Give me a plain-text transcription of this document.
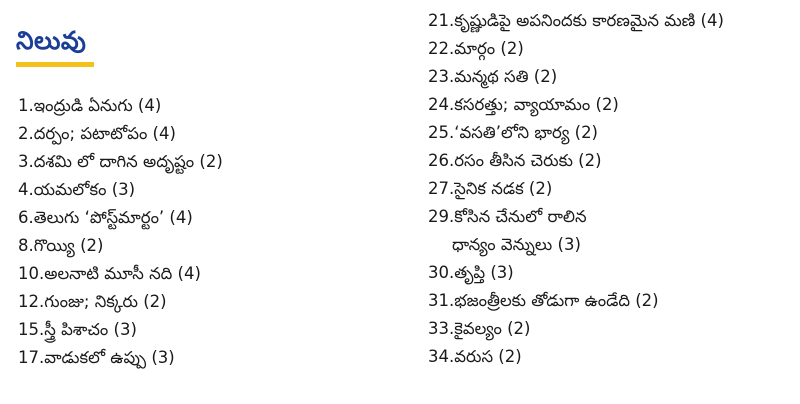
నిలువు
1.ఇంద్రుడి ఏనుగు (4)
2.దర్పం; పటాటోపం (4)
3.దశమి లో దాగిన అదృష్టం (2)
4.యమలోకం (3)
6.తెలుగు ‘పోస్ట్‌మార్టం’ (4)
8.గొయ్యి (2)
10.అలనాటి మూసీ నది (4)
12.గుంజు; నిక్కరు (2)
15.స్త్రీ పిశాచం (3)
17.వాడుకలో ఉప్పు (3)
21.కృష్ణుడిపై అపనిందకు కారణమైన మణి (4)
22.మార్గం (2)
23.మన్మథ సతి (2)
24.కసరత్తు; వ్యాయామం (2)
25.‘వసతి’లోని భార్య (2)
26.రసం తీసిన చెరుకు (2)
27.సైనిక నడక (2)
29.కోసిన చేనులో రాలిన
ధాన్యం వెన్నులు (3)
30.తృప్తి (3)
31.భజంత్రీలకు తోడుగా ఉండేది (2)
33.కైవల్యం (2)
34.వరుస (2)
